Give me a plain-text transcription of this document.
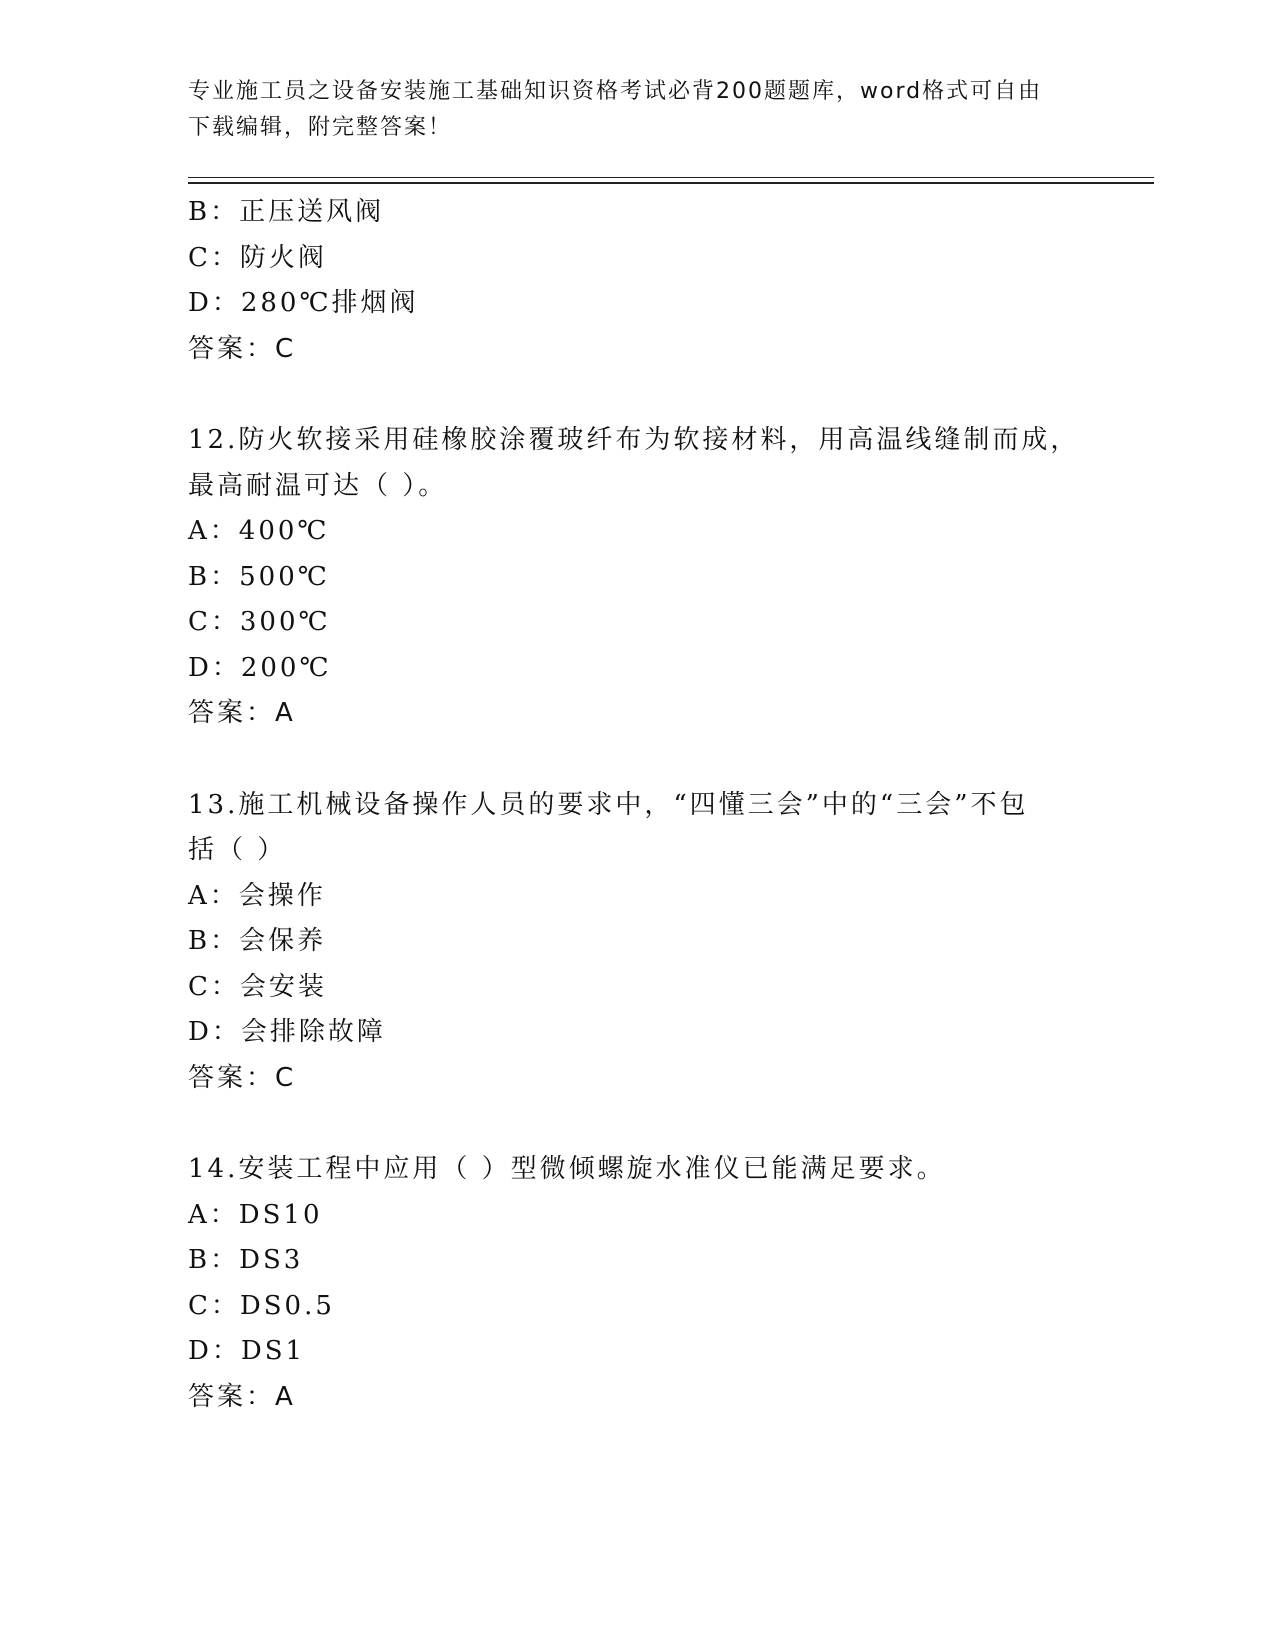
专业施工员之设备安装施工基础知识资格考试必背200题题库，word格式可自由
下载编辑，附完整答案！
B：正压送风阀
C：防火阀
D：280℃排烟阀
答案：C
12.防火软接采用硅橡胶涂覆玻纤布为软接材料，用高温线缝制而成，
最高耐温可达（ ）。
A：400℃
B：500℃
C：300℃
D：200℃
答案：A
13.施工机械设备操作人员的要求中，“四懂三会”中的“三会”不包
括（ ）
A：会操作
B：会保养
C：会安装
D：会排除故障
答案：C
14.安装工程中应用（ ）型微倾螺旋水准仪已能满足要求。
A：DS10
B：DS3
C：DS0.5
D：DS1
答案：A
